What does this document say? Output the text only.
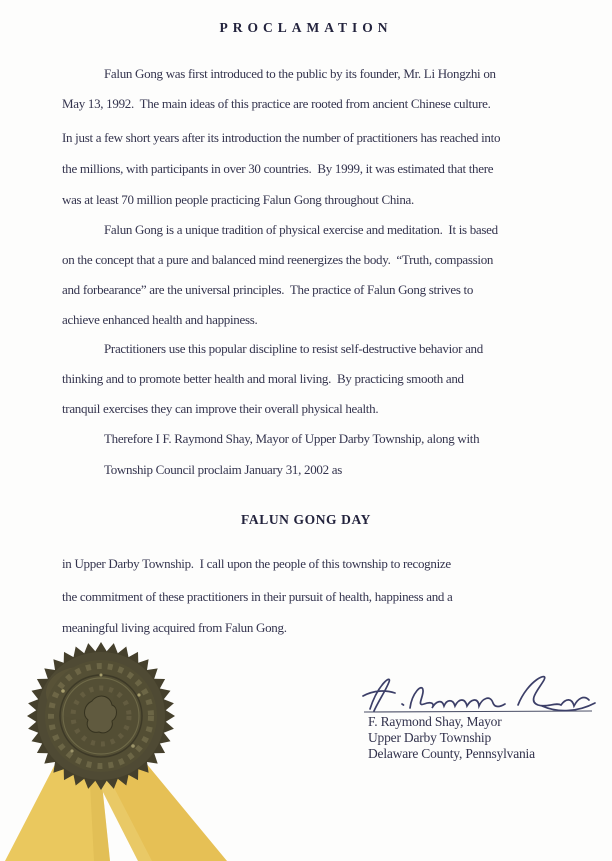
PROCLAMATION
Falun Gong was first introduced to the public by its founder, Mr. Li Hongzhi on
May 13, 1992.  The main ideas of this practice are rooted from ancient Chinese culture.
In just a few short years after its introduction the number of practitioners has reached into
the millions, with participants in over 30 countries.  By 1999, it was estimated that there
was at least 70 million people practicing Falun Gong throughout China.
Falun Gong is a unique tradition of physical exercise and meditation.  It is based
on the concept that a pure and balanced mind reenergizes the body.  “Truth, compassion
and forbearance” are the universal principles.  The practice of Falun Gong strives to
achieve enhanced health and happiness.
Practitioners use this popular discipline to resist self-destructive behavior and
thinking and to promote better health and moral living.  By practicing smooth and
tranquil exercises they can improve their overall physical health.
Therefore I F. Raymond Shay, Mayor of Upper Darby Township, along with
Township Council proclaim January 31, 2002 as
FALUN GONG DAY
in Upper Darby Township.  I call upon the people of this township to recognize
the commitment of these practitioners in their pursuit of health, happiness and a
meaningful living acquired from Falun Gong.
F. Raymond Shay, Mayor
Upper Darby Township
Delaware County, Pennsylvania
